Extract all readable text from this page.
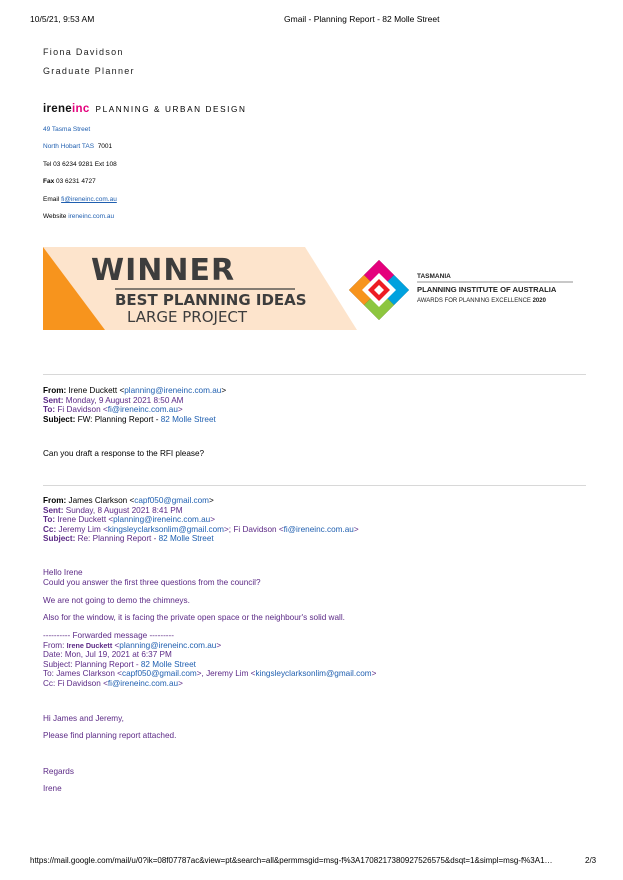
10/5/21, 9:53 AM	Gmail - Planning Report - 82 Molle Street
Fiona Davidson
Graduate Planner
ireneinc PLANNING & URBAN DESIGN
49 Tasma Street
North Hobart TAS 7001
Tel 03 6234 9281 Ext 108
Fax 03 6231 4727
Email fi@ireneinc.com.au
Website ireneinc.com.au
WINNER
BEST PLANNING IDEAS
LARGE PROJECT
TASMANIA
PLANNING INSTITUTE OF AUSTRALIA
AWARDS FOR PLANNING EXCELLENCE 2020
From: Irene Duckett <planning@ireneinc.com.au>
Sent: Monday, 9 August 2021 8:50 AM
To: Fi Davidson <fi@ireneinc.com.au>
Subject: FW: Planning Report - 82 Molle Street
Can you draft a response to the RFI please?
From: James Clarkson <capf050@gmail.com>
Sent: Sunday, 8 August 2021 8:41 PM
To: Irene Duckett <planning@ireneinc.com.au>
Cc: Jeremy Lim <kingsleyclarksonlim@gmail.com>; Fi Davidson <fi@ireneinc.com.au>
Subject: Re: Planning Report - 82 Molle Street
Hello Irene
Could you answer the first three questions from the council?
We are not going to demo the chimneys.
Also for the window, it is facing the private open space or the neighbour's solid wall.
---------- Forwarded message ---------
From: Irene Duckett <planning@ireneinc.com.au>
Date: Mon, Jul 19, 2021 at 6:37 PM
Subject: Planning Report - 82 Molle Street
To: James Clarkson <capf050@gmail.com>, Jeremy Lim <kingsleyclarksonlim@gmail.com>
Cc: Fi Davidson <fi@ireneinc.com.au>
Hi James and Jeremy,
Please find planning report attached.
Regards
Irene
https://mail.google.com/mail/u/0?ik=08f07787ac&view=pt&search=all&permmsgid=msg-f%3A1708217380927526575&dsqt=1&simpl=msg-f%3A1…	2/3
